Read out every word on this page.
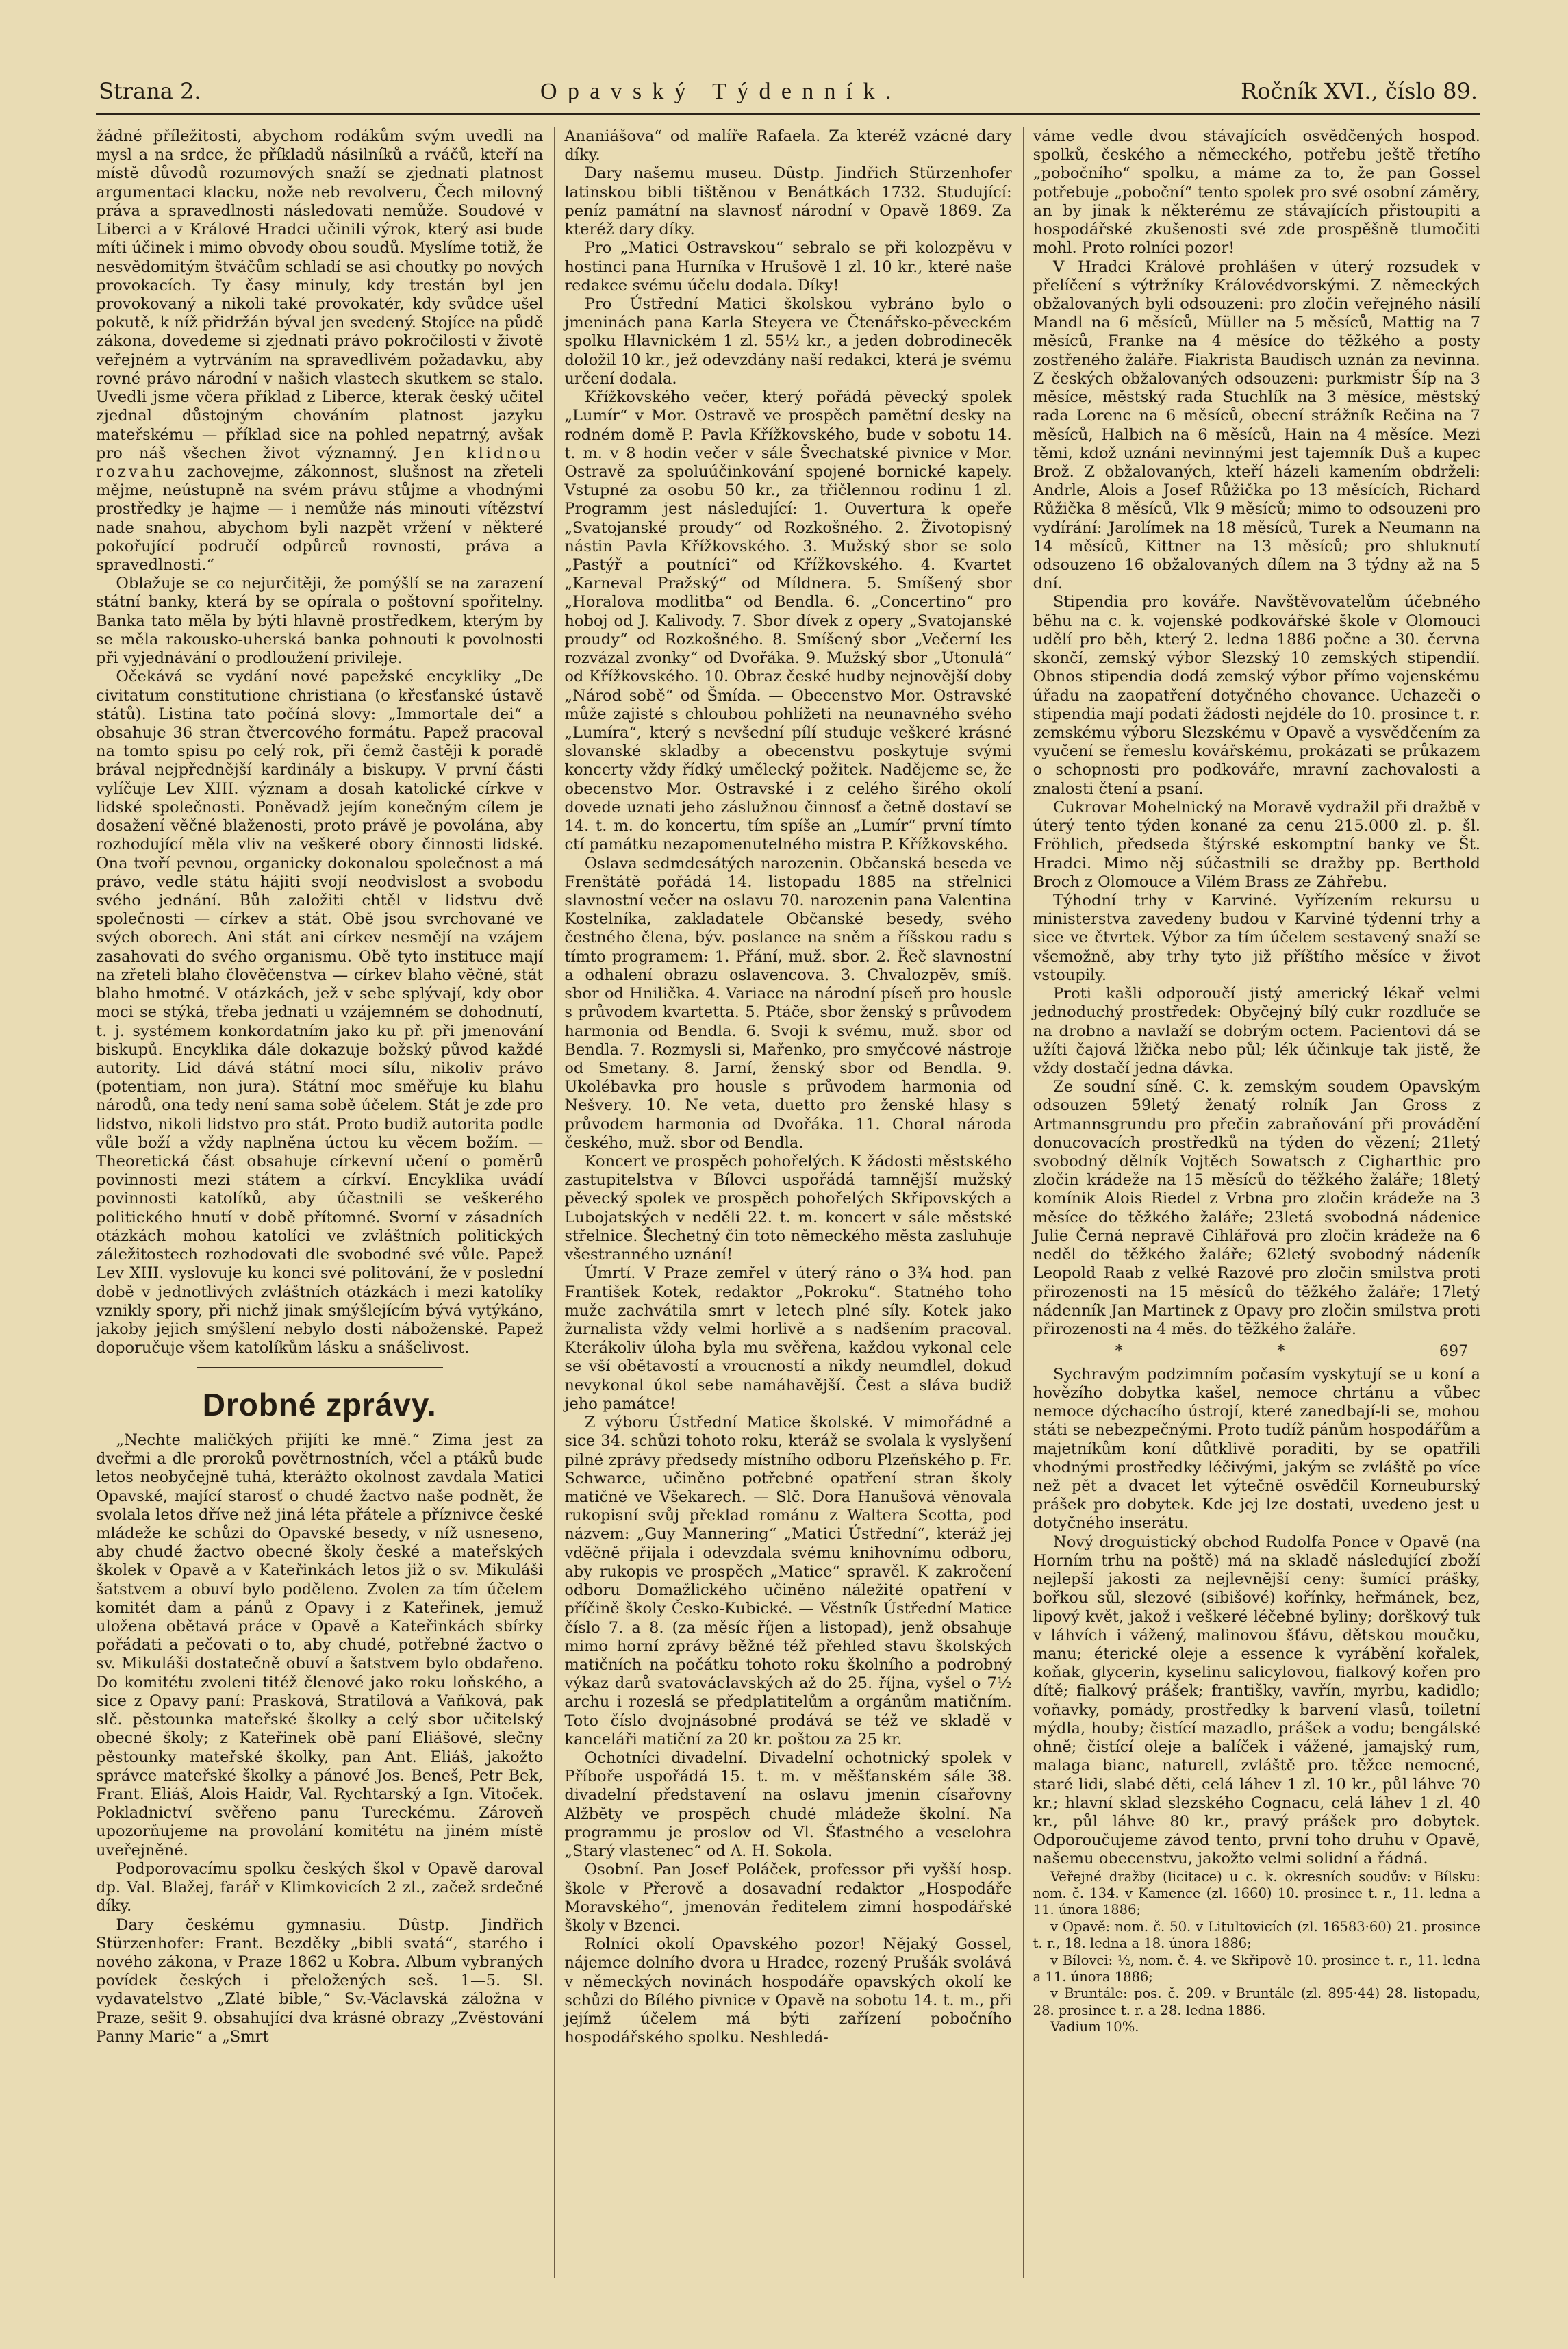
Strana 2.	Opavský Týdenník.	Ročník XVI., číslo 89.

žádné příležitosti, abychom rodákům svým uvedli na mysl a na srdce, že příkladů násilníků a rváčů, kteří na místě důvodů rozumových snaží se zjednati platnost argumentaci klacku, nože neb revolveru, Čech milovný práva a spravedlnosti následovati nemůže. Soudové v Liberci a v Králové Hradci učinili výrok, který asi bude míti účinek i mimo obvody obou soudů. Myslíme totiž, že nesvědomitým štváčům schladí se asi choutky po nových provokacích. Ty časy minuly, kdy trestán byl jen provokovaný a nikoli také provokatér, kdy svůdce ušel pokutě, k níž přidržán býval jen svedený. Stojíce na půdě zákona, dovedeme si zjednati právo pokročilosti v životě veřejném a vytrváním na spravedlivém požadavku, aby rovné právo národní v našich vlastech skutkem se stalo. Uvedli jsme včera příklad z Liberce, kterak český učitel zjednal důstojným chováním platnost jazyku mateřskému — příklad sice na pohled nepatrný, avšak pro náš všechen život významný. Jen klidnou rozvahu zachovejme, zákonnost, slušnost na zřeteli mějme, neústupně na svém právu stůjme a vhodnými prostředky je hajme — i nemůže nás minouti vítězství nade snahou, abychom byli nazpět vržení v některé pokořující područí odpůrců rovnosti, práva a spravedlnosti.“

Oblažuje se co nejurčitěji, že pomýšlí se na zarazení státní banky, která by se opírala o poštovní spořitelny. Banka tato měla by býti hlavně prostředkem, kterým by se měla rakousko-uherská banka pohnouti k povolnosti při vyjednávání o prodloužení privileje.

Očekává se vydání nové papežské encykliky „De civitatum constitutione christiana (o křesťanské ústavě států). Listina tato počíná slovy: „Immortale dei“ a obsahuje 36 stran čtvercového formátu. Papež pracoval na tomto spisu po celý rok, při čemž častěji k poradě brával nejpřednější kardinály a biskupy. V první části vylíčuje Lev XIII. význam a dosah katolické církve v lidské společnosti. Poněvadž jejím konečným cílem je dosažení věčné blaženosti, proto právě je povolána, aby rozhodující měla vliv na veškeré obory činnosti lidské. Ona tvoří pevnou, organicky dokonalou společnost a má právo, vedle státu hájiti svojí neodvislost a svobodu svého jednání. Bůh založiti chtěl v lidstvu dvě společnosti — církev a stát. Obě jsou svrchované ve svých oborech. Ani stát ani církev nesmějí na vzájem zasahovati do svého organismu. Obě tyto instituce mají na zřeteli blaho člověčenstva — církev blaho věčné, stát blaho hmotné. V otázkách, jež v sebe splývají, kdy obor moci se stýká, třeba jednati u vzájemném se dohodnutí, t. j. systémem konkordatním jako ku př. při jmenování biskupů. Encyklika dále dokazuje božský původ každé autority. Lid dává státní moci sílu, nikoliv právo (potentiam, non jura). Státní moc směřuje ku blahu národů, ona tedy není sama sobě účelem. Stát je zde pro lidstvo, nikoli lidstvo pro stát. Proto budiž autorita podle vůle boží a vždy naplněna úctou ku věcem božím. — Theoretická část obsahuje církevní učení o poměrů povinnosti mezi státem a církví. Encyklika uvádí povinnosti katolíků, aby účastnili se veškerého politického hnutí v době přítomné. Svorní v zásadních otázkách mohou katolíci ve zvláštních politických záležitostech rozhodovati dle svobodné své vůle. Papež Lev XIII. vyslovuje ku konci své politování, že v poslední době v jednotlivých zvláštních otázkách i mezi katolíky vznikly spory, při nichž jinak smýšlejícím bývá vytýkáno, jakoby jejich smýšlení nebylo dosti náboženské. Papež doporučuje všem katolíkům lásku a snášelivost.

Drobné zprávy.

„Nechte maličkých přijíti ke mně.“ Zima jest za dveřmi a dle proroků povětrnostních, včel a ptáků bude letos neobyčejně tuhá, kterážto okolnost zavdala Matici Opavské, mající starosť o chudé žactvo naše podnět, že svolala letos dříve než jiná léta přátele a příznivce české mládeže ke schůzi do Opavské besedy, v níž usneseno, aby chudé žactvo obecné školy české a mateřských školek v Opavě a v Kateřinkách letos již o sv. Mikuláši šatstvem a obuví bylo poděleno. Zvolen za tím účelem komitét dam a pánů z Opavy i z Kateřinek, jemuž uložena obětavá práce v Opavě a Kateřinkách sbírky pořádati a pečovati o to, aby chudé, potřebné žactvo o sv. Mikuláši dostatečně obuví a šatstvem bylo obdařeno. Do komitétu zvoleni titéž členové jako roku loňského, a sice z Opavy paní: Prasková, Stratilová a Vaňková, pak slč. pěstounka mateřské školky a celý sbor učitelský obecné školy; z Kateřinek obě paní Eliášové, slečny pěstounky mateřské školky, pan Ant. Eliáš, jakožto správce mateřské školky a pánové Jos. Beneš, Petr Bek, Frant. Eliáš, Alois Haidr, Val. Rychtarský a Ign. Vitoček. Pokladnictví svěřeno panu Tureckému. Zároveň upozorňujeme na provolání komitétu na jiném místě uveřejněné.

Podporovacímu spolku českých škol v Opavě daroval dp. Val. Blažej, farář v Klimkovicích 2 zl., začež srdečné díky.

Dary českému gymnasiu. Dûstp. Jindřich Stürzenhofer: Frant. Bezděky „bibli svatá“, starého i nového zákona, v Praze 1862 u Kobra. Album vybraných povídek českých i přeložených seš. 1—5. Sl. vydavatelstvo „Zlaté bible,“ Sv.-Václavská záložna v Praze, sešit 9. obsahující dva krásné obrazy „Zvěstování Panny Marie“ a „Smrt

Ananiášova“ od malíře Rafaela. Za kteréž vzácné dary díky.

Dary našemu museu. Dûstp. Jindřich Stürzenhofer latinskou bibli tištěnou v Benátkách 1732. Studující: peníz památní na slavnosť národní v Opavě 1869. Za kteréž dary díky.

Pro „Matici Ostravskou“ sebralo se při kolozpěvu v hostinci pana Hurníka v Hrušově 1 zl. 10 kr., které naše redakce svému účelu dodala. Díky!

Pro Ústřední Matici školskou vybráno bylo o jmeninách pana Karla Steyera ve Čtenářsko-pěveckém spolku Hlavnickém 1 zl. 55½ kr., a jeden dobrodinecěk doložil 10 kr., jež odevzdány naší redakci, která je svému určení dodala.

Křížkovského večer, který pořádá pěvecký spolek „Lumír“ v Mor. Ostravě ve prospěch pamětní desky na rodném domě P. Pavla Křížkovského, bude v sobotu 14. t. m. v 8 hodin večer v sále Švechatské pivnice v Mor. Ostravě za spoluúčinkování spojené bornické kapely. Vstupné za osobu 50 kr., za třičlennou rodinu 1 zl. Programm jest následující: 1. Ouvertura k opeře „Svatojanské proudy“ od Rozkošného. 2. Životopisný nástin Pavla Křížkovského. 3. Mužský sbor se solo „Pastýř a poutníci“ od Křížkovského. 4. Kvartet „Karneval Pražský“ od Míldnera. 5. Smíšený sbor „Horalova modlitba“ od Bendla. 6. „Concertino“ pro hoboj od J. Kalivody. 7. Sbor dívek z opery „Svatojanské proudy“ od Rozkošného. 8. Smíšený sbor „Večerní les rozvázal zvonky“ od Dvořáka. 9. Mužský sbor „Utonulá“ od Křížkovského. 10. Obraz české hudby nejnovější doby „Národ sobě“ od Šmída. — Obecenstvo Mor. Ostravské může zajisté s chloubou pohlížeti na neunavného svého „Lumíra“, který s nevšední pílí studuje veškeré krásné slovanské skladby a obecenstvu poskytuje svými koncerty vždy řídký umělecký požitek. Nadějeme se, že obecenstvo Mor. Ostravské i z celého širého okolí dovede uznati jeho záslužnou činnosť a četně dostaví se 14. t. m. do koncertu, tím spíše an „Lumír“ první tímto ctí památku nezapomenutelného mistra P. Křížkovského.

Oslava sedmdesátých narozenin. Občanská beseda ve Frenštátě pořádá 14. listopadu 1885 na střelnici slavnostní večer na oslavu 70. narozenin pana Valentina Kostelníka, zakladatele Občanské besedy, svého čestného člena, býv. poslance na sněm a říšskou radu s tímto programem: 1. Přání, muž. sbor. 2. Řeč slavnostní a odhalení obrazu oslavencova. 3. Chvalozpěv, smíš. sbor od Hnilička. 4. Variace na národní píseň pro housle s průvodem kvartetta. 5. Ptáče, sbor ženský s průvodem harmonia od Bendla. 6. Svoji k svému, muž. sbor od Bendla. 7. Rozmysli si, Mařenko, pro smyčcové nástroje od Smetany. 8. Jarní, ženský sbor od Bendla. 9. Ukolébavka pro housle s průvodem harmonia od Nešvery. 10. Ne veta, duetto pro ženské hlasy s průvodem harmonia od Dvořáka. 11. Choral národa českého, muž. sbor od Bendla.

Koncert ve prospěch pohořelých. K žádosti městského zastupitelstva v Bílovci uspořádá tamnější mužský pěvecký spolek ve prospěch pohořelých Skřipovských a Lubojatských v neděli 22. t. m. koncert v sále městské střelnice. Šlechetný čin toto německého města zasluhuje všestranného uznání!

Úmrtí. V Praze zemřel v úterý ráno o 3¾ hod. pan František Kotek, redaktor „Pokroku“. Statného toho muže zachvátila smrt v letech plné síly. Kotek jako žurnalista vždy velmi horlivě a s nadšením pracoval. Kterákoliv úloha byla mu svěřena, každou vykonal cele se vší obětavostí a vroucností a nikdy neumdlel, dokud nevykonal úkol sebe namáhavější. Čest a sláva budiž jeho památce!

Z výboru Ústřední Matice školské. V mimořádné a sice 34. schůzi tohoto roku, kteráž se svolala k vyslyšení pilné zprávy předsedy místního odboru Plzeňského p. Fr. Schwarce, učiněno potřebné opatření stran školy matičné ve Všekarech. — Slč. Dora Hanušová věnovala rukopisní svůj překlad románu z Waltera Scotta, pod názvem: „Guy Mannering“ „Matici Ústřední“, kteráž jej vděčně přijala i odevzdala svému knihovnímu odboru, aby rukopis ve prospěch „Matice“ spravěl. K zakročení odboru Domažlického učiněno náležité opatření v příčině školy Česko-Kubické. — Věstník Ústřední Matice číslo 7. a 8. (za měsíc říjen a listopad), jenž obsahuje mimo horní zprávy běžné též přehled stavu školských matičních na počátku tohoto roku školního a podrobný výkaz darů svatováclavských až do 25. října, vyšel o 7½ archu i rozeslá se předplatitelům a orgánům matičním. Toto číslo dvojnásobné prodává se též ve skladě v kanceláři matiční za 20 kr. poštou za 25 kr.

Ochotníci divadelní. Divadelní ochotnický spolek v Příboře uspořádá 15. t. m. v měšťanském sále 38. divadelní představení na oslavu jmenin císařovny Alžběty ve prospěch chudé mládeže školní. Na programmu je proslov od Vl. Šťastného a veselohra „Starý vlastenec“ od A. H. Sokola.

Osobní. Pan Josef Poláček, professor při vyšší hosp. škole v Přerově a dosavadní redaktor „Hospodáře Moravského“, jmenován ředitelem zimní hospodářské školy v Bzenci.

Rolníci okolí Opavského pozor! Nějaký Gossel, nájemce dolního dvora u Hradce, rozený Prušák svolává v německých novinách hospodáře opavských okolí ke schůzi do Bílého pivnice v Opavě na sobotu 14. t. m., při jejímž účelem má býti zařízení pobočního hospodářského spolku. Neshledá-

váme vedle dvou stávajících osvědčených hospod. spolků, českého a německého, potřebu ještě třetího „pobočního“ spolku, a máme za to, že pan Gossel potřebuje „poboční“ tento spolek pro své osobní záměry, an by jinak k některému ze stávajících přistoupiti a hospodářské zkušenosti své zde prospěšně tlumočiti mohl. Proto rolníci pozor!

V Hradci Králové prohlášen v úterý rozsudek v přelíčení s výtržníky Královédvorskými. Z německých obžalovaných byli odsouzeni: pro zločin veřejného násilí Mandl na 6 měsíců, Müller na 5 měsíců, Mattig na 7 měsíců, Franke na 4 měsíce do těžkého a posty zostřeného žaláře. Fiakrista Baudisch uznán za nevinna. Z českých obžalovaných odsouzeni: purkmistr Šíp na 3 měsíce, městský rada Stuchlík na 3 měsíce, městský rada Lorenc na 6 měsíců, obecní strážník Rečina na 7 měsíců, Halbich na 6 měsíců, Hain na 4 měsíce. Mezi těmi, kdož uznáni nevinnými jest tajemník Duš a kupec Brož. Z obžalovaných, kteří házeli kamením obdrželi: Andrle, Alois a Josef Růžička po 13 měsících, Richard Růžička 8 měsíců, Vlk 9 měsíců; mimo to odsouzeni pro vydírání: Jarolímek na 18 měsíců, Turek a Neumann na 14 měsíců, Kittner na 13 měsíců; pro shluknutí odsouzeno 16 obžalovaných dílem na 3 týdny až na 5 dní.

Stipendia pro kováře. Navštěvovatelům účebného běhu na c. k. vojenské podkovářské škole v Olomouci udělí pro běh, který 2. ledna 1886 počne a 30. června skončí, zemský výbor Slezský 10 zemských stipendií. Obnos stipendia dodá zemský výbor přímo vojenskému úřadu na zaopatření dotyčného chovance. Uchazeči o stipendia mají podati žádosti nejdéle do 10. prosince t. r. zemskému výboru Slezskému v Opavě a vysvědčením za vyučení se řemeslu kovářskému, prokázati se průkazem o schopnosti pro podkováře, mravní zachovalosti a znalosti čtení a psaní.

Cukrovar Mohelnický na Moravě vydražil při dražbě v úterý tento týden konané za cenu 215.000 zl. p. šl. Fröhlich, předseda štýrské eskomptní banky ve Št. Hradci. Mimo něj súčastnili se dražby pp. Berthold Broch z Olomouce a Vilém Brass ze Záhřebu.

Týhodní trhy v Karviné. Vyřízením rekursu u ministerstva zavedeny budou v Karviné týdenní trhy a sice ve čtvrtek. Výbor za tím účelem sestavený snaží se všemožně, aby trhy tyto již příštího měsíce v život vstoupily.

Proti kašli odporoučí jistý americký lékař velmi jednoduchý prostředek: Obyčejný bílý cukr rozdluče se na drobno a navlaží se dobrým octem. Pacientovi dá se užíti čajová lžička nebo půl; lék účinkuje tak jistě, že vždy dostačí jedna dávka.

Ze soudní síně. C. k. zemským soudem Opavským odsouzen 59letý ženatý rolník Jan Gross z Artmannsgrundu pro přečin zabraňování při provádění donucovacích prostředků na týden do vězení; 21letý svobodný dělník Vojtěch Sowatsch z Cigharthic pro zločin krádeže na 15 měsíců do těžkého žaláře; 18letý komínik Alois Riedel z Vrbna pro zločin krádeže na 3 měsíce do těžkého žaláře; 23letá svobodná nádenice Julie Černá nepravě Cihlářová pro zločin krádeže na 6 neděl do těžkého žaláře; 62letý svobodný nádeník Leopold Raab z velké Razové pro zločin smilstva proti přirozenosti na 15 měsíců do těžkého žaláře; 17letý nádenník Jan Martinek z Opavy pro zločin smilstva proti přirozenosti na 4 měs. do těžkého žaláře.

*	*	697

Sychravým podzimním počasím vyskytují se u koní a hovězího dobytka kašel, nemoce chrtánu a vůbec nemoce dýchacího ústrojí, které zanedbají-li se, mohou státi se nebezpečnými. Proto tudíž pánům hospodářům a majetníkům koní důtklivě poraditi, by se opatřili vhodnými prostředky léčivými, jakým se zvláště po více než pět a dvacet let výtečně osvědčil Korneuburský prášek pro dobytek. Kde jej lze dostati, uvedeno jest u dotyčného inserátu.

Nový droguistický obchod Rudolfa Ponce v Opavě (na Horním trhu na poště) má na skladě následující zboží nejlepší jakosti za nejlevnější ceny: šumící prášky, bořkou sůl, slezové (sibišové) kořínky, heřmánek, bez, lipový květ, jakož i veškeré léčebné byliny; dorškový tuk v láhvích i vážený, malinovou šťávu, dětskou moučku, manu; éterické oleje a essence k vyrábění kořalek, koňak, glycerin, kyselinu salicylovou, fialkový kořen pro dítě; fialkový prášek; františky, vavřín, myrbu, kadidlo; voňavky, pomády, prostředky k barvení vlasů, toiletní mýdla, houby; čistící mazadlo, prášek a vodu; bengálské ohně; čistící oleje a balíček i vážené, jamajský rum, malaga bianc, naturell, zvláště pro. těžce nemocné, staré lidi, slabé děti, celá láhev 1 zl. 10 kr., půl láhve 70 kr.; hlavní sklad slezského Cognacu, celá láhev 1 zl. 40 kr., půl láhve 80 kr., pravý prášek pro dobytek. Odporoučujeme závod tento, první toho druhu v Opavě, našemu obecenstvu, jakožto velmi solidní a řádná.

Veřejné dražby (licitace) u c. k. okresních soudův: v Bílsku: nom. č. 134. v Kamence (zl. 1660) 10. prosince t. r., 11. ledna a 11. února 1886;

v Opavě: nom. č. 50. v Litultovicích (zl. 16583·60) 21. prosince t. r., 18. ledna a 18. února 1886;

v Bílovci: ½, nom. č. 4. ve Skřipově 10. prosince t. r., 11. ledna a 11. února 1886;

v Bruntále: pos. č. 209. v Bruntále (zl. 895·44) 28. listopadu, 28. prosince t. r. a 28. ledna 1886.

Vadium 10%.
